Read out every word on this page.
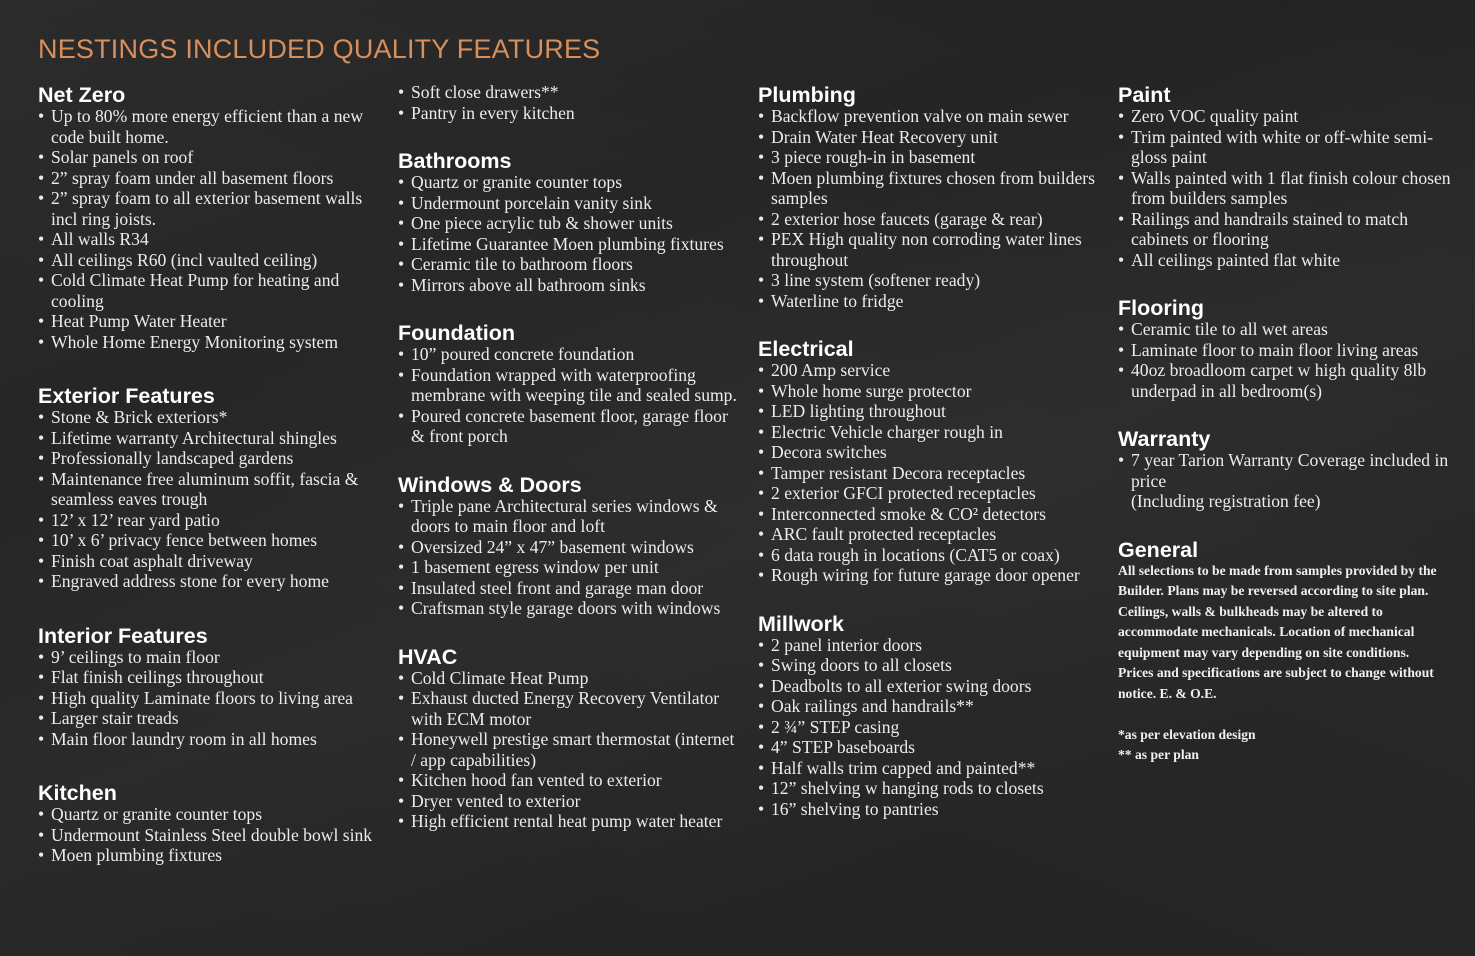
NESTINGS INCLUDED QUALITY FEATURES
Net Zero
• Up to 80% more energy efficient than a new code built home.
• Solar panels on roof
• 2” spray foam under all basement floors
• 2” spray foam to all exterior basement walls incl ring joists.
• All walls R34
• All ceilings R60 (incl vaulted ceiling)
• Cold Climate Heat Pump for heating and cooling
• Heat Pump Water Heater
• Whole Home Energy Monitoring system
Exterior Features
• Stone & Brick exteriors*
• Lifetime warranty Architectural shingles
• Professionally landscaped gardens
• Maintenance free aluminum soffit, fascia & seamless eaves trough
• 12’ x 12’ rear yard patio
• 10’ x 6’ privacy fence between homes
• Finish coat asphalt driveway
• Engraved address stone for every home
Interior Features
• 9’ ceilings to main floor
• Flat finish ceilings throughout
• High quality Laminate floors to living area
• Larger stair treads
• Main floor laundry room in all homes
Kitchen
• Quartz or granite counter tops
• Undermount Stainless Steel double bowl sink
• Moen plumbing fixtures
• Soft close drawers**
• Pantry in every kitchen
Bathrooms
• Quartz or granite counter tops
• Undermount porcelain vanity sink
• One piece acrylic tub & shower units
• Lifetime Guarantee Moen plumbing fixtures
• Ceramic tile to bathroom floors
• Mirrors above all bathroom sinks
Foundation
• 10” poured concrete foundation
• Foundation wrapped with waterproofing membrane with weeping tile and sealed sump.
• Poured concrete basement floor, garage floor & front porch
Windows & Doors
• Triple pane Architectural series windows & doors to main floor and loft
• Oversized 24” x 47” basement windows
• 1 basement egress window per unit
• Insulated steel front and garage man door
• Craftsman style garage doors with windows
HVAC
• Cold Climate Heat Pump
• Exhaust ducted Energy Recovery Ventilator with ECM motor
• Honeywell prestige smart thermostat (internet / app capabilities)
• Kitchen hood fan vented to exterior
• Dryer vented to exterior
• High efficient rental heat pump water heater
Plumbing
• Backflow prevention valve on main sewer
• Drain Water Heat Recovery unit
• 3 piece rough-in in basement
• Moen plumbing fixtures chosen from builders samples
• 2 exterior hose faucets (garage & rear)
• PEX High quality non corroding water lines throughout
• 3 line system (softener ready)
• Waterline to fridge
Electrical
• 200 Amp service
• Whole home surge protector
• LED lighting throughout
• Electric Vehicle charger rough in
• Decora switches
• Tamper resistant Decora receptacles
• 2 exterior GFCI protected receptacles
• Interconnected smoke & CO² detectors
• ARC fault protected receptacles
• 6 data rough in locations (CAT5 or coax)
• Rough wiring for future garage door opener
Millwork
• 2 panel interior doors
• Swing doors to all closets
• Deadbolts to all exterior swing doors
• Oak railings and handrails**
• 2 ¾” STEP casing
• 4” STEP baseboards
• Half walls trim capped and painted**
• 12” shelving w hanging rods to closets
• 16” shelving to pantries
Paint
• Zero VOC quality paint
• Trim painted with white or off-white semi-gloss paint
• Walls painted with 1 flat finish colour chosen from builders samples
• Railings and handrails stained to match cabinets or flooring
• All ceilings painted flat white
Flooring
• Ceramic tile to all wet areas
• Laminate floor to main floor living areas
• 40oz broadloom carpet w high quality 8lb underpad in all bedroom(s)
Warranty
• 7 year Tarion Warranty Coverage included in price
(Including registration fee)
General

All selections to be made from samples provided by the Builder. Plans may be reversed according to site plan. Ceilings, walls & bulkheads may be altered to accommodate mechanicals. Location of mechanical equipment may vary depending on site conditions. Prices and specifications are subject to change without notice. E. & O.E.

*as per elevation design

** as per plan
